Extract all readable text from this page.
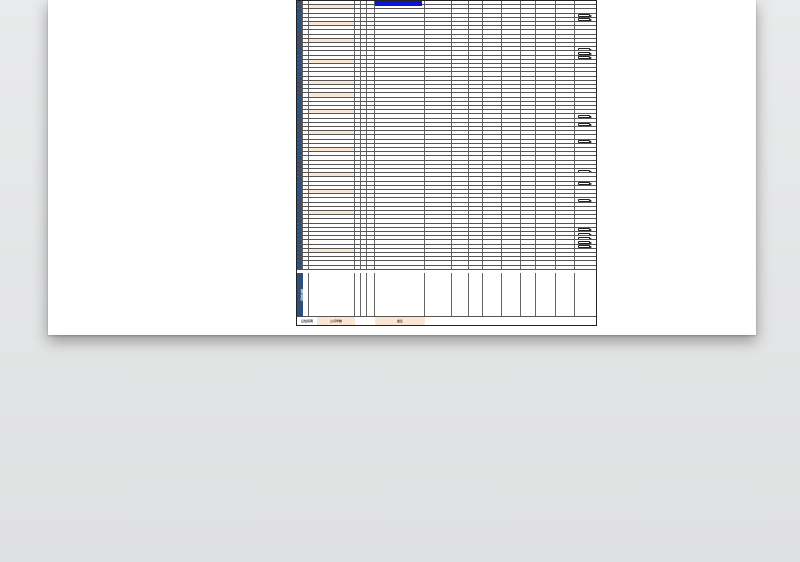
备注说明
总结说明	公司审核	备注
